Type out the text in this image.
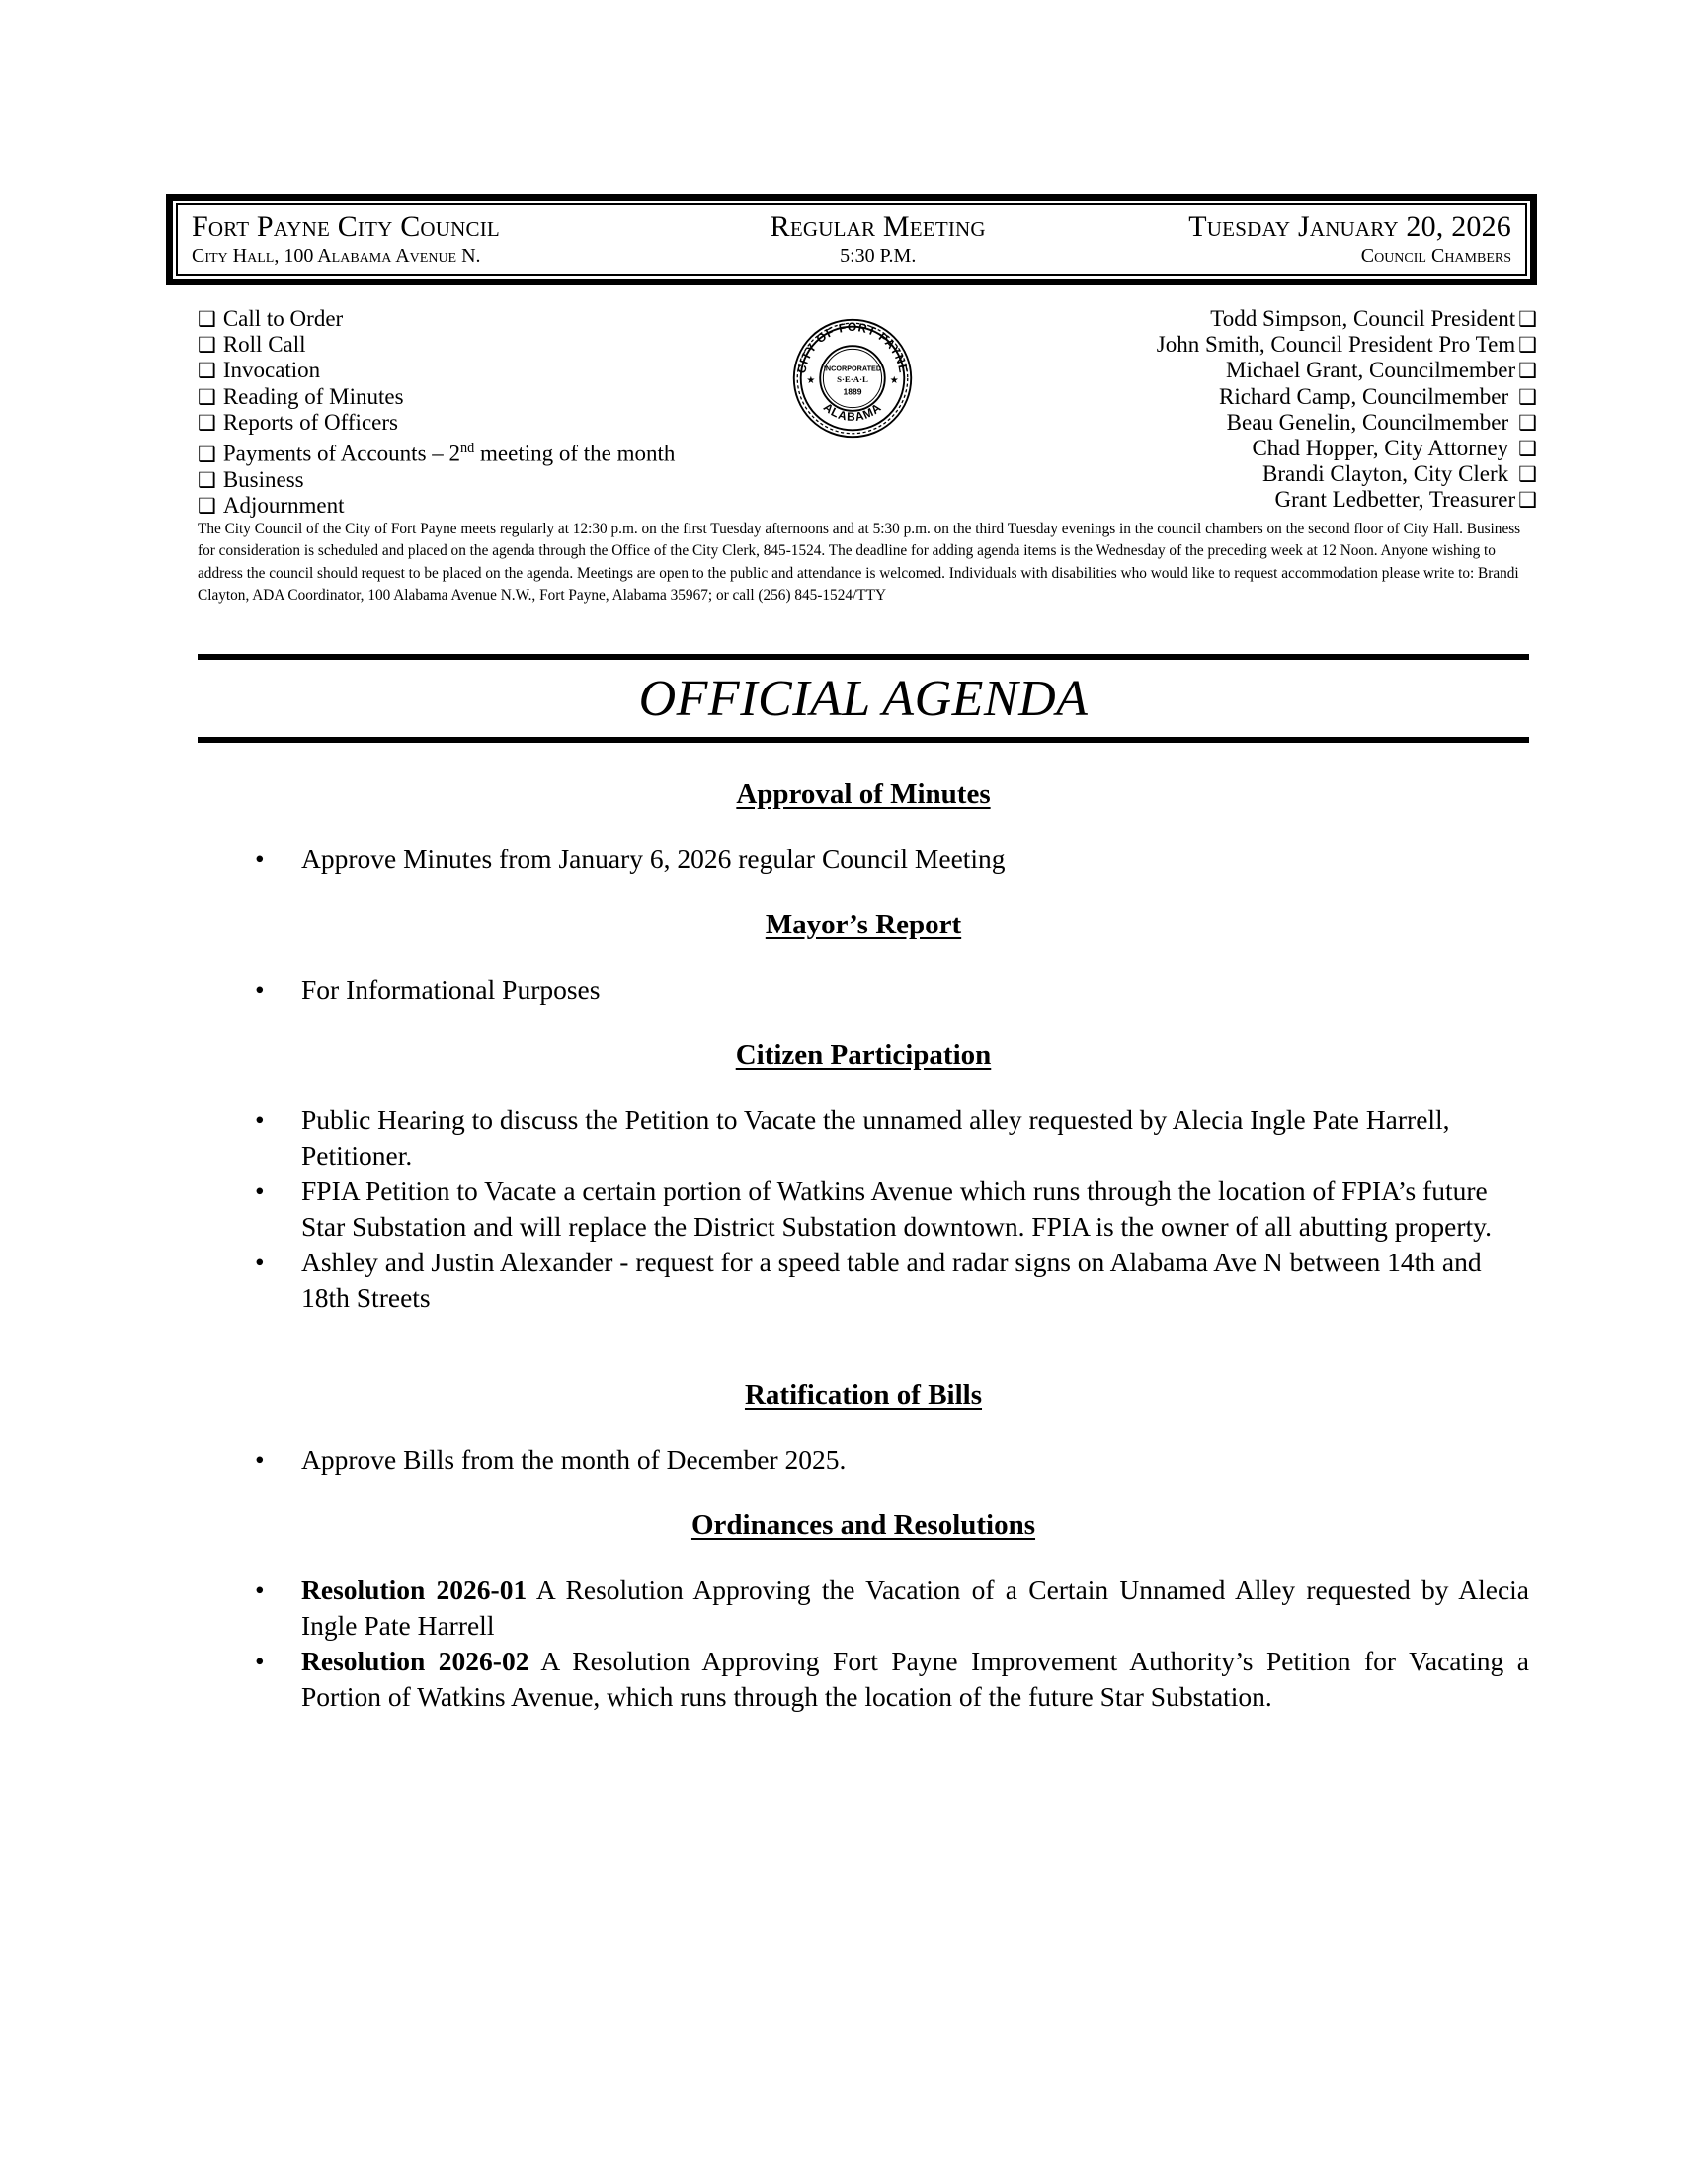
Fort Payne City Council	Regular Meeting	Tuesday January 20, 2026
City Hall, 100 Alabama Avenue N.	5:30 P.M.	Council Chambers
❑ Call to Order
❑ Roll Call
❑ Invocation
❑ Reading of Minutes
❑ Reports of Officers
❑ Payments of Accounts – 2nd meeting of the month
❑ Business
❑ Adjournment
CITY OF FORT PAYNE
ALABAMA
★	★
INCORPORATED
S·E·A·L
1889
Todd Simpson, Council President ❑
John Smith, Council President Pro Tem ❑
Michael Grant, Councilmember ❑
Richard Camp, Councilmember ❑
Beau Genelin, Councilmember ❑
Chad Hopper, City Attorney ❑
Brandi Clayton, City Clerk ❑
Grant Ledbetter, Treasurer ❑
The City Council of the City of Fort Payne meets regularly at 12:30 p.m. on the first Tuesday afternoons and at 5:30 p.m. on the third Tuesday evenings in the council chambers on the second floor of City Hall. Business for consideration is scheduled and placed on the agenda through the Office of the City Clerk, 845-1524. The deadline for adding agenda items is the Wednesday of the preceding week at 12 Noon. Anyone wishing to address the council should request to be placed on the agenda. Meetings are open to the public and attendance is welcomed. Individuals with disabilities who would like to request accommodation please write to: Brandi Clayton, ADA Coordinator, 100 Alabama Avenue N.W., Fort Payne, Alabama 35967; or call (256) 845-1524/TTY
OFFICIAL AGENDA
Approval of Minutes
• Approve Minutes from January 6, 2026 regular Council Meeting
Mayor’s Report
• For Informational Purposes
Citizen Participation
• Public Hearing to discuss the Petition to Vacate the unnamed alley requested by Alecia Ingle Pate Harrell, Petitioner.
• FPIA Petition to Vacate a certain portion of Watkins Avenue which runs through the location of FPIA’s future Star Substation and will replace the District Substation downtown. FPIA is the owner of all abutting property.
• Ashley and Justin Alexander - request for a speed table and radar signs on Alabama Ave N between 14th and 18th Streets
Ratification of Bills
• Approve Bills from the month of December 2025.
Ordinances and Resolutions
• Resolution 2026-01 A Resolution Approving the Vacation of a Certain Unnamed Alley requested by Alecia Ingle Pate Harrell
• Resolution 2026-02 A Resolution Approving Fort Payne Improvement Authority’s Petition for Vacating a Portion of Watkins Avenue, which runs through the location of the future Star Substation.
